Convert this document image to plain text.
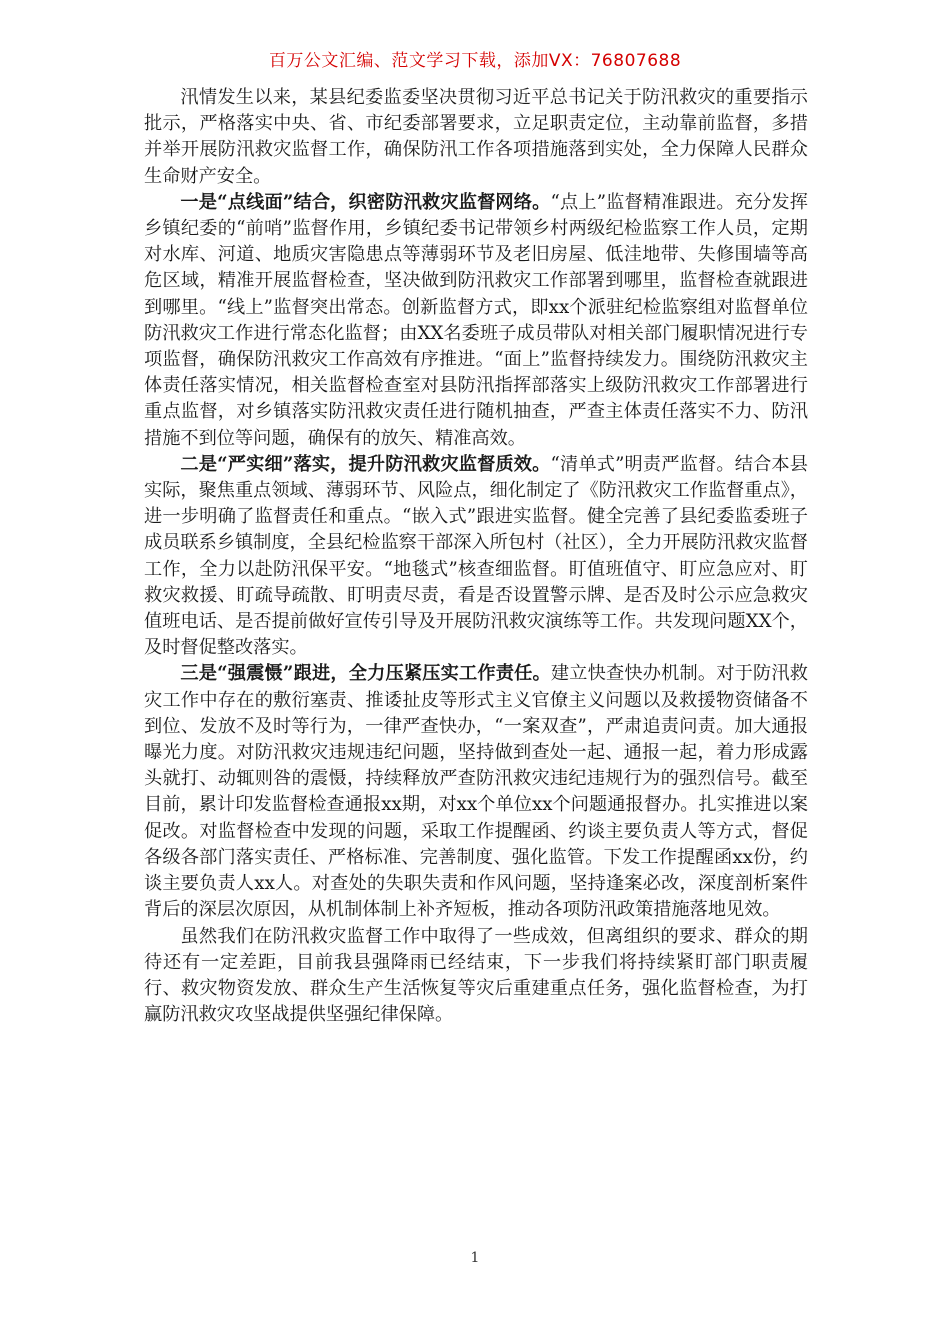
百万公文汇编、范文学习下载，添加VX：76807688

汛情发生以来，某县纪委监委坚决贯彻习近平总书记关于防汛救灾的重要指示批示，严格落实中央、省、市纪委部署要求，立足职责定位，主动靠前监督，多措并举开展防汛救灾监督工作，确保防汛工作各项措施落到实处，全力保障人民群众生命财产安全。

一是“点线面”结合，织密防汛救灾监督网络。“点上”监督精准跟进。充分发挥乡镇纪委的“前哨”监督作用，乡镇纪委书记带领乡村两级纪检监察工作人员，定期对水库、河道、地质灾害隐患点等薄弱环节及老旧房屋、低洼地带、失修围墙等高危区域，精准开展监督检查，坚决做到防汛救灾工作部署到哪里，监督检查就跟进到哪里。“线上”监督突出常态。创新监督方式，即xx个派驻纪检监察组对监督单位防汛救灾工作进行常态化监督；由XX名委班子成员带队对相关部门履职情况进行专项监督，确保防汛救灾工作高效有序推进。“面上”监督持续发力。围绕防汛救灾主体责任落实情况，相关监督检查室对县防汛指挥部落实上级防汛救灾工作部署进行重点监督，对乡镇落实防汛救灾责任进行随机抽查，严查主体责任落实不力、防汛措施不到位等问题，确保有的放矢、精准高效。

二是“严实细”落实，提升防汛救灾监督质效。“清单式”明责严监督。结合本县实际，聚焦重点领域、薄弱环节、风险点，细化制定了《防汛救灾工作监督重点》，进一步明确了监督责任和重点。“嵌入式”跟进实监督。健全完善了县纪委监委班子成员联系乡镇制度，全县纪检监察干部深入所包村（社区），全力开展防汛救灾监督工作，全力以赴防汛保平安。“地毯式”核查细监督。盯值班值守、盯应急应对、盯救灾救援、盯疏导疏散、盯明责尽责，看是否设置警示牌、是否及时公示应急救灾值班电话、是否提前做好宣传引导及开展防汛救灾演练等工作。共发现问题XX个，及时督促整改落实。

三是“强震慑”跟进，全力压紧压实工作责任。建立快查快办机制。对于防汛救灾工作中存在的敷衍塞责、推诿扯皮等形式主义官僚主义问题以及救援物资储备不到位、发放不及时等行为，一律严查快办，“一案双查”，严肃追责问责。加大通报曝光力度。对防汛救灾违规违纪问题，坚持做到查处一起、通报一起，着力形成露头就打、动辄则咎的震慑，持续释放严查防汛救灾违纪违规行为的强烈信号。截至目前，累计印发监督检查通报xx期，对xx个单位xx个问题通报督办。扎实推进以案促改。对监督检查中发现的问题，采取工作提醒函、约谈主要负责人等方式，督促各级各部门落实责任、严格标准、完善制度、强化监管。下发工作提醒函xx份，约谈主要负责人xx人。对查处的失职失责和作风问题，坚持逢案必改，深度剖析案件背后的深层次原因，从机制体制上补齐短板，推动各项防汛政策措施落地见效。

虽然我们在防汛救灾监督工作中取得了一些成效，但离组织的要求、群众的期待还有一定差距，目前我县强降雨已经结束，下一步我们将持续紧盯部门职责履行、救灾物资发放、群众生产生活恢复等灾后重建重点任务，强化监督检查，为打赢防汛救灾攻坚战提供坚强纪律保障。

1
